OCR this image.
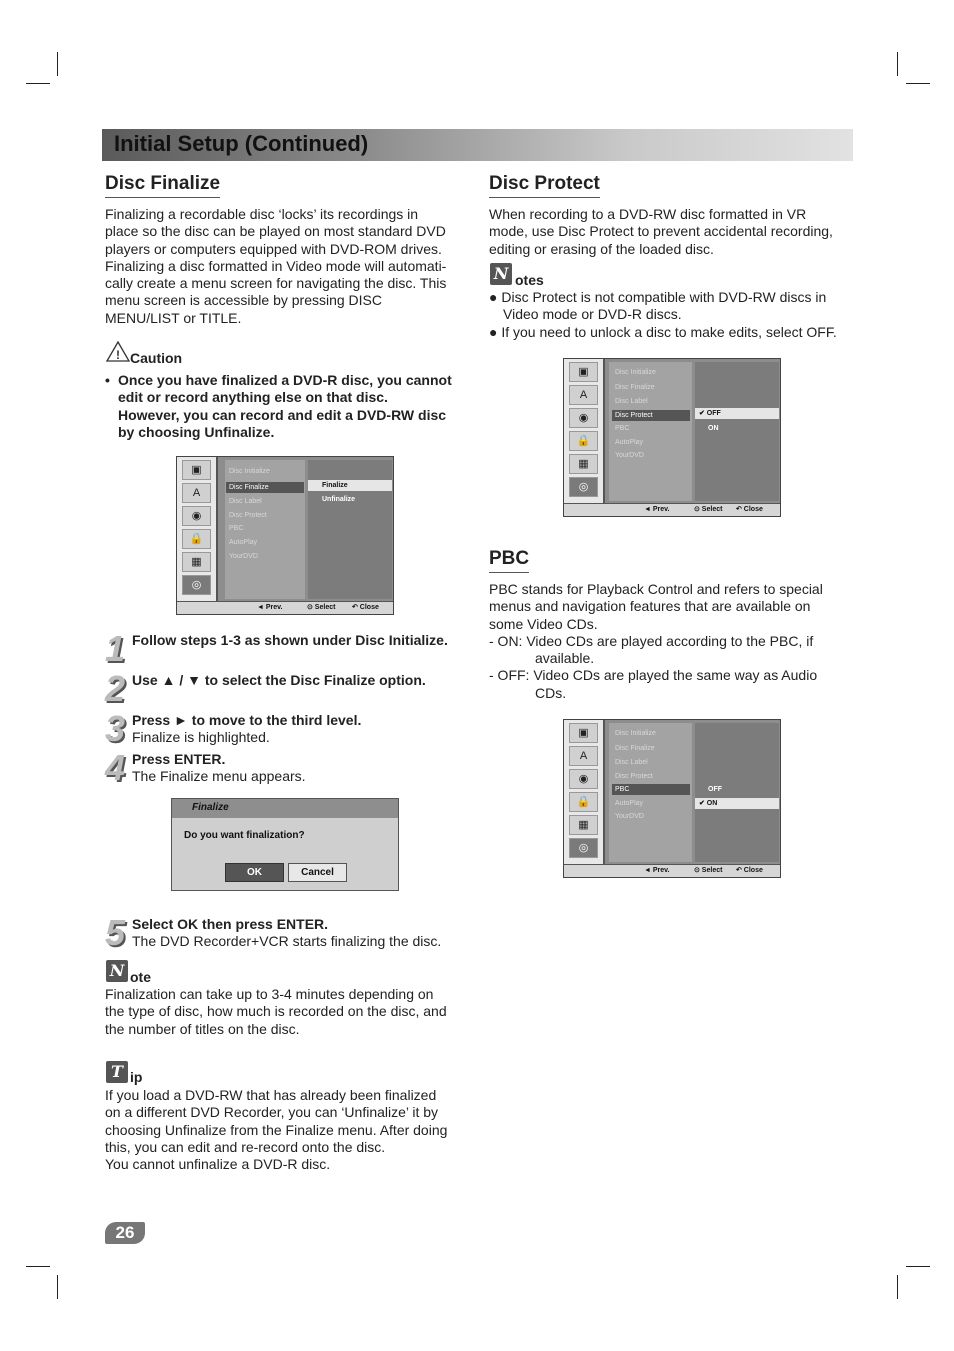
Initial Setup (Continued)
Disc Finalize

Finalizing a recordable disc ‘locks’ its recordings in

place so the disc can be played on most standard DVD

players or computers equipped with DVD-ROM drives.

Finalizing a disc formatted in Video mode will automati-

cally create a menu screen for navigating the disc. This

menu screen is accessible by pressing DISC

MENU/LIST or TITLE.

! Caution
• Once you have finalized a DVD-R disc, you cannot

edit or record anything else on that disc.

However, you can record and edit a DVD-RW disc

by choosing Unfinalize.

▣
A
◉
🔒
▦
◎
Disc Initialize
Disc Finalize
Disc Label
Disc Protect
PBC
AutoPlay
YourDVD
Finalize
Unfinalize
◄ Prev.	⊙ Select ↶ Close
1 Follow steps 1-3 as shown under Disc Initialize.
2 Use ▲ / ▼ to select the Disc Finalize option.
3 Press ► to move to the third level.
Finalize is highlighted.
4 Press ENTER.
The Finalize menu appears.
Finalize
Do you want finalization?
OK	Cancel
5 Select OK then press ENTER.
The DVD Recorder+VCR starts finalizing the disc.
N ote

Finalization can take up to 3-4 minutes depending on

the type of disc, how much is recorded on the disc, and

the number of titles on the disc.

T ip

If you load a DVD-RW that has already been finalized

on a different DVD Recorder, you can ‘Unfinalize’ it by

choosing Unfinalize from the Finalize menu. After doing

this, you can edit and re-record onto the disc.

You cannot unfinalize a DVD-R disc.

Disc Protect

When recording to a DVD-RW disc formatted in VR

mode, use Disc Protect to prevent accidental recording,

editing or erasing of the loaded disc.

N otes

● Disc Protect is not compatible with DVD-RW discs in

Video mode or DVD-R discs.

● If you need to unlock a disc to make edits, select OFF.

▣
A
◉
🔒
▦
◎
Disc Initialize
Disc Finalize
Disc Label
Disc Protect
PBC
AutoPlay
YourDVD
✔ OFF
ON
◄ Prev.	⊙ Select ↶ Close
PBC

PBC stands for Playback Control and refers to special

menus and navigation features that are available on

some Video CDs.

- ON: Video CDs are played according to the PBC, if

available.

- OFF: Video CDs are played the same way as Audio

CDs.

▣
A
◉
🔒
▦
◎
Disc Initialize
Disc Finalize
Disc Label
Disc Protect
PBC
AutoPlay
YourDVD
OFF
✔ ON
◄ Prev.	⊙ Select ↶ Close
26
